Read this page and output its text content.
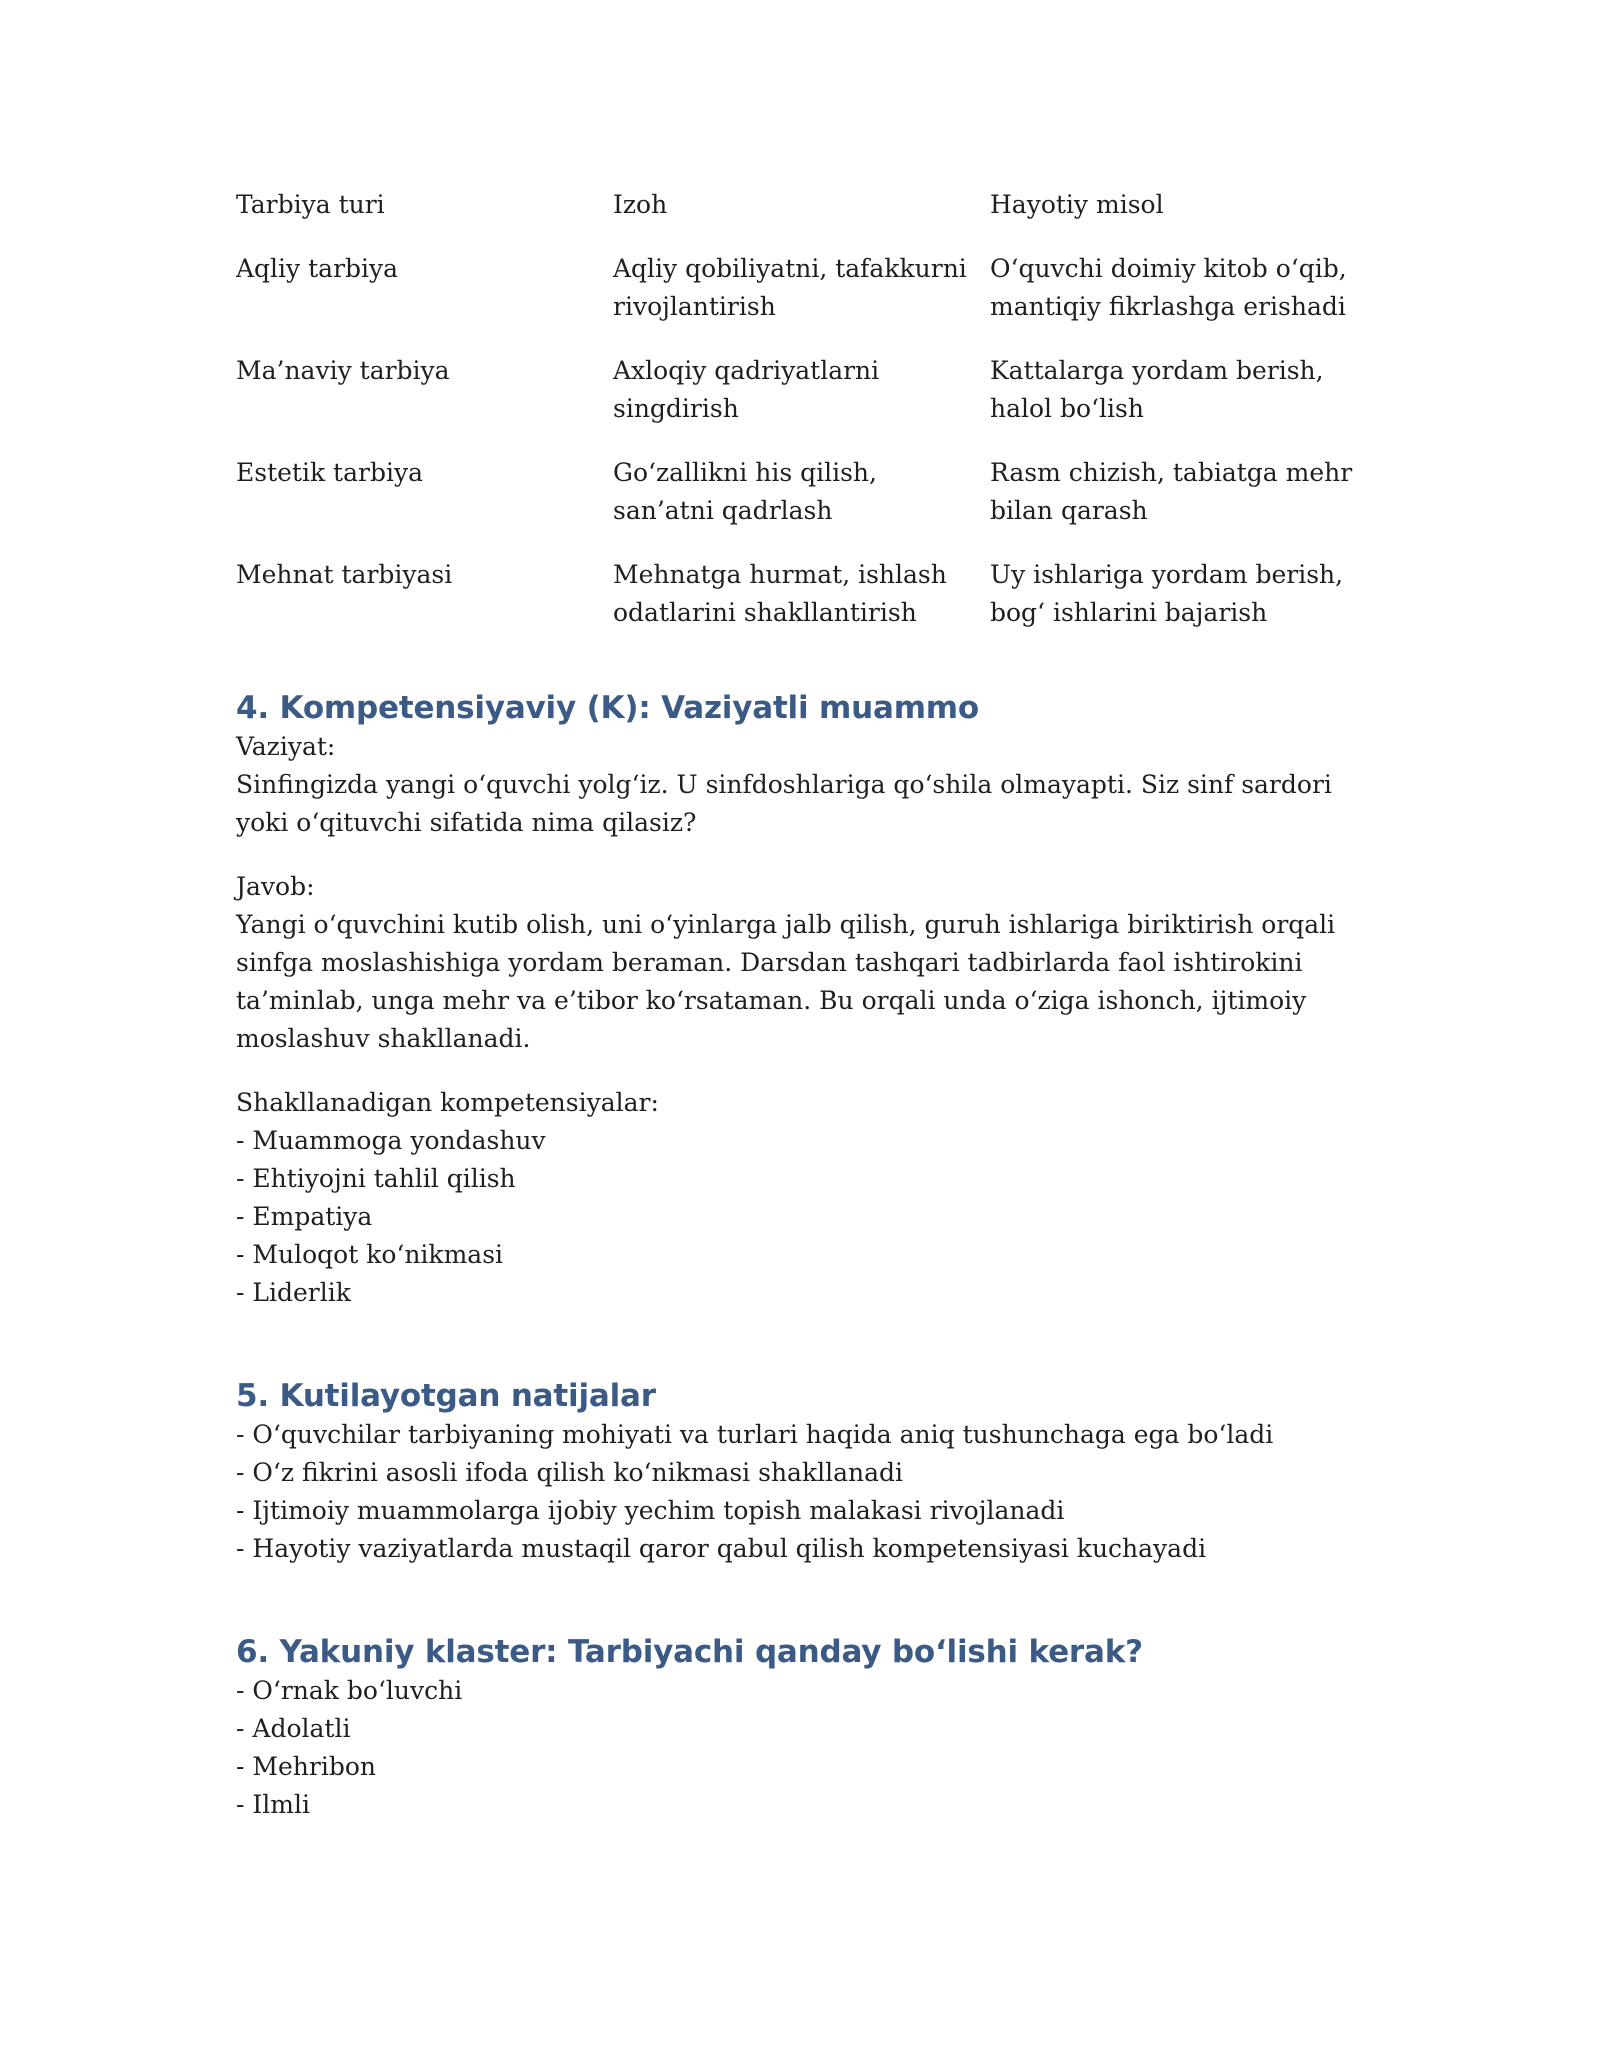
Tarbiya turi	Izoh	Hayotiy misol
Aqliy tarbiya	Aqliy qobiliyatni, tafakkurni rivojlantirish	O‘quvchi doimiy kitob o‘qib, mantiqiy fikrlashga erishadi
Ma’naviy tarbiya	Axloqiy qadriyatlarni singdirish	Kattalarga yordam berish, halol bo‘lish
Estetik tarbiya	Go‘zallikni his qilish, san’atni qadrlash	Rasm chizish, tabiatga mehr bilan qarash
Mehnat tarbiyasi	Mehnatga hurmat, ishlash odatlarini shakllantirish	Uy ishlariga yordam berish, bog‘ ishlarini bajarish
4. Kompetensiyaviy (K): Vaziyatli muammo

Vaziyat:

Sinfingizda yangi o‘quvchi yolg‘iz. U sinfdoshlariga qo‘shila olmayapti. Siz sinf sardori yoki o‘qituvchi sifatida nima qilasiz?

Javob:

Yangi o‘quvchini kutib olish, uni o‘yinlarga jalb qilish, guruh ishlariga biriktirish orqali sinfga moslashishiga yordam beraman. Darsdan tashqari tadbirlarda faol ishtirokini ta’minlab, unga mehr va e’tibor ko‘rsataman. Bu orqali unda o‘ziga ishonch, ijtimoiy moslashuv shakllanadi.

Shakllanadigan kompetensiyalar:

- Muammoga yondashuv
- Ehtiyojni tahlil qilish
- Empatiya
- Muloqot ko‘nikmasi
- Liderlik
5. Kutilayotgan natijalar
- O‘quvchilar tarbiyaning mohiyati va turlari haqida aniq tushunchaga ega bo‘ladi
- O‘z fikrini asosli ifoda qilish ko‘nikmasi shakllanadi
- Ijtimoiy muammolarga ijobiy yechim topish malakasi rivojlanadi
- Hayotiy vaziyatlarda mustaqil qaror qabul qilish kompetensiyasi kuchayadi
6. Yakuniy klaster: Tarbiyachi qanday bo‘lishi kerak?
- O‘rnak bo‘luvchi
- Adolatli
- Mehribon
- Ilmli
